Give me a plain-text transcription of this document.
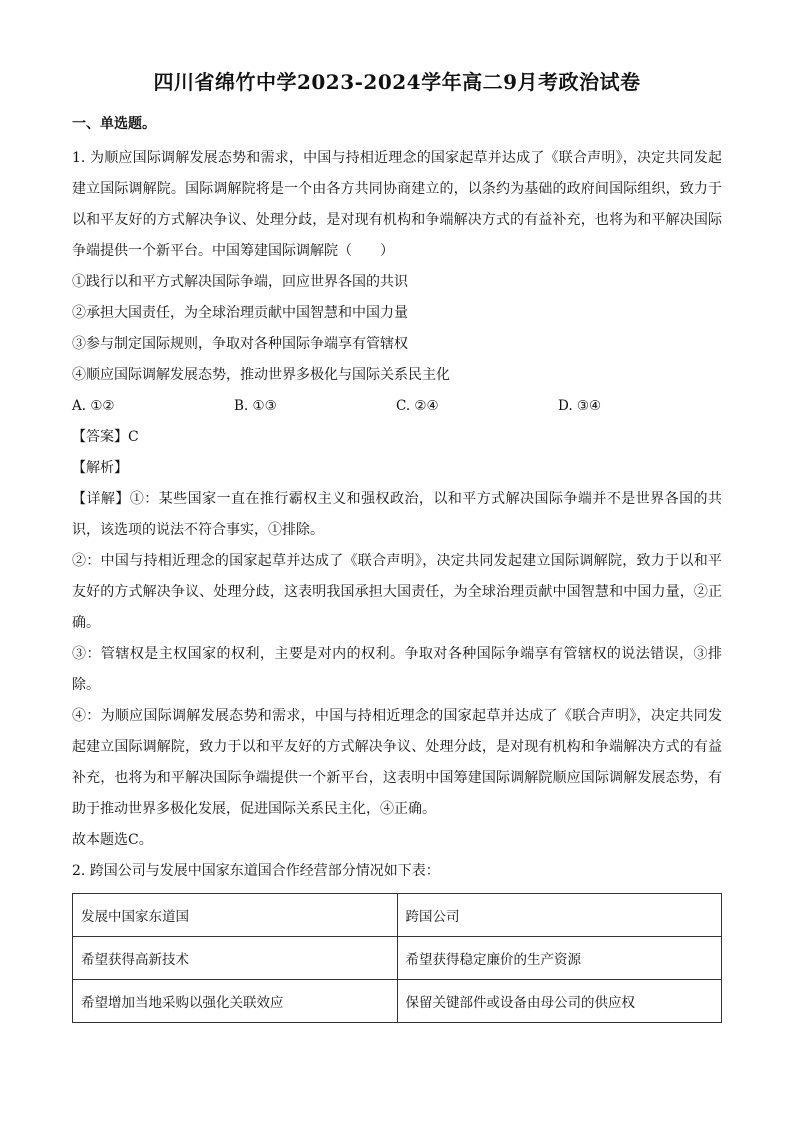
四川省绵竹中学2023-2024学年高二9月考政治试卷
一、单选题。

1. 为顺应国际调解发展态势和需求，中国与持相近理念的国家起草并达成了《联合声明》，决定共同发起建立国际调解院。国际调解院将是一个由各方共同协商建立的，以条约为基础的政府间国际组织，致力于以和平友好的方式解决争议、处理分歧，是对现有机构和争端解决方式的有益补充，也将为和平解决国际争端提供一个新平台。中国筹建国际调解院（　　）

①践行以和平方式解决国际争端，回应世界各国的共识

②承担大国责任，为全球治理贡献中国智慧和中国力量

③参与制定国际规则，争取对各种国际争端享有管辖权

④顺应国际调解发展态势，推动世界多极化与国际关系民主化

A. ①②	B. ①③	C. ②④	D. ③④

【答案】C

【解析】

【详解】①：某些国家一直在推行霸权主义和强权政治，以和平方式解决国际争端并不是世界各国的共识，该选项的说法不符合事实，①排除。

②：中国与持相近理念的国家起草并达成了《联合声明》，决定共同发起建立国际调解院，致力于以和平友好的方式解决争议、处理分歧，这表明我国承担大国责任，为全球治理贡献中国智慧和中国力量，②正确。

③：管辖权是主权国家的权利，主要是对内的权利。争取对各种国际争端享有管辖权的说法错误，③排除。

④：为顺应国际调解发展态势和需求，中国与持相近理念的国家起草并达成了《联合声明》，决定共同发起建立国际调解院，致力于以和平友好的方式解决争议、处理分歧，是对现有机构和争端解决方式的有益补充，也将为和平解决国际争端提供一个新平台，这表明中国筹建国际调解院顺应国际调解发展态势，有助于推动世界多极化发展，促进国际关系民主化，④正确。

故本题选C。

2. 跨国公司与发展中国家东道国合作经营部分情况如下表：

发展中国家东道国	跨国公司
希望获得高新技术	希望获得稳定廉价的生产资源
希望增加当地采购以强化关联效应	保留关键部件或设备由母公司的供应权
